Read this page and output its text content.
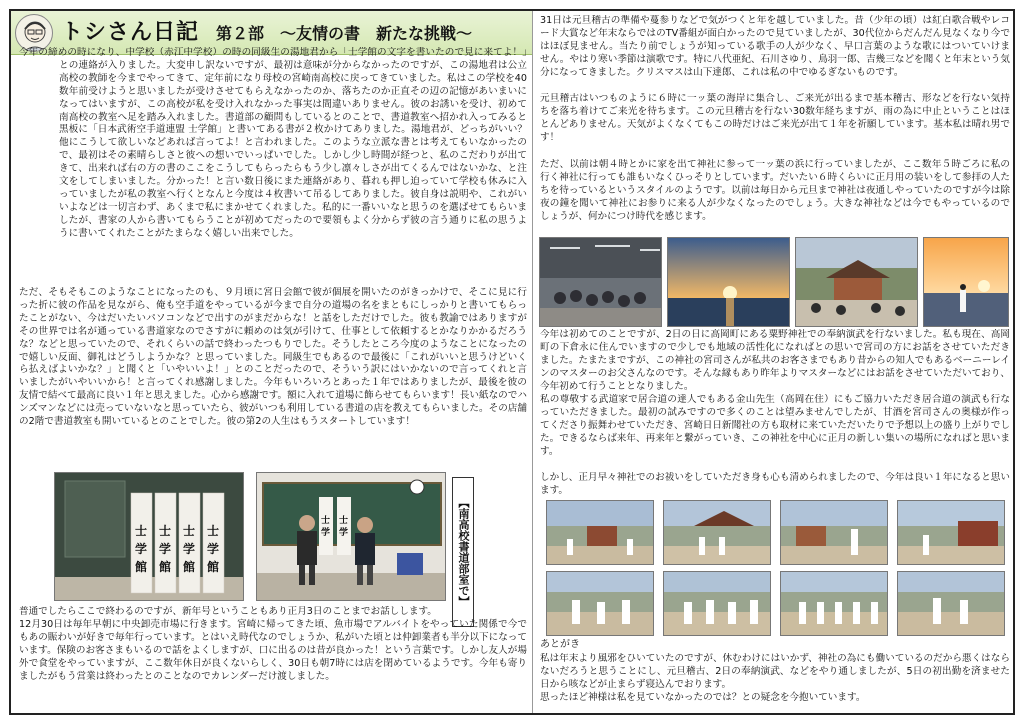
トシさん日記 第２部　～友情の書　新たな挑戦～
今年の締めの時になり、中学校（赤江中学校）の時の同級生の湯地君から「士学館の文字を書いたので見に来てよ！」との連絡が入りました。大変申し訳ないですが、最初は意味が分からなかったのですが、この湯地君は公立高校の教師を今までやってきて、定年前になり母校の宮崎南高校に戻ってきていました。私はこの学校を40数年前受けようと思いましたが受けさせてもらえなかったのか、落ちたのか正直その辺の記憶があいまいになってはいますが、この高校が私を受け入れなかった事実は間違いありません。彼のお誘いを受け、初めて南高校の教室へ足を踏み入れました。書道部の顧問もしているとのことで、書道教室へ招かれ入ってみると黒板に「日本武術空手道連盟 士学館」と書いてある書が２枚かけてありました。湯地君が、どっちがいい？他にこうして欲しいなどあれば言ってよ！と言われました。このような立派な書とは考えてもいなかったので、最初はその素晴らしさと彼への想いでいっぱいでした。しかし少し時間が経つと、私のこだわりが出てきて、出来れば右の方の書のここをこうしてもらったらもう少し凛々しさが出てくるんではないかな、と注文をしてしまいました。分かった！と言い数日後にまた連絡があり、暮れも押し迫っていて学校も休みに入っていましたが私の教室へ行くとなんと今度は４枚書いて吊るしてありました。彼自身は説明や、これがいいよなどは一切言わず、あくまで私にまかせてくれました。私的に一番いいなと思うのを選ばせてもらいましたが、書家の人から書いてもらうことが初めてだったので要領もよく分からず彼の言う通りに私の思うように書いてくれたことがたまらなく嬉しい出来でした。
ただ、そもそもこのようなことになったのも、９月頃に宮日会館で彼が個展を開いたのがきっかけで、そこに見に行った折に彼の作品を見ながら、俺も空手道をやっているが今まで自分の道場の名をまともにしっかりと書いてもらったことがない、今はだいたいパソコンなどで出すのがまだからな！と話をしただけでした。彼も教諭ではありますがその世界では名が通っている書道家なのでさすがに頼めのは気が引けて、仕事として依頼するとかなりかかるだろうな？などと思っていたので、それくらいの話で終わったつもりでした。そうしたところ今度のようなことになったので嬉しい反面、御礼はどうしようかな？と思っていました。同級生でもあるので最後に「これがいいと思うけどいくら払えばよいかな？」と聞くと「いやいいよ！」とのことだったので、そういう訳にはいかないので言ってくれと言いましたがいやいいから！と言ってくれ感謝しました。今年もいろいろとあった１年ではありましたが、最後を彼の友情で結べて最高に良い１年と思えました。心から感謝です。額に入れて道場に飾らせてもらいます！長い紙なのでハンズマンなどには売っていないなと思っていたら、彼がいつも利用している書道の店を教えてもらいました。その店舗の2階で書道教室も開いているとのことでした。彼の第2の人生はもうスタートしています！
士
学
館
士
学
館
士
学
館
士
学
館
士
学
士
学	【南高校書道部室で】
普通でしたらここで終わるのですが、新年号ということもあり正月3日のことまでお話しします。
12月30日は毎年早朝に中央卸売市場に行きます。宮崎に帰ってきた頃、魚市場でアルバイトをやっていた関係で今でもあの賑わいが好きで毎年行っています。とはいえ時代なのでしょうか、私がいた頃とは仲卸業者も半分以下になっています。保険のお客さまもいるので話をよくしますが、口に出るのは昔が良かった！という言葉です。しかし友人が場外で食堂をやっていますが、ここ数年休日が良くないらしく、30日も朝7時には店を閉めているようです。今年も寄りましたがもう営業は終わったとのことなのでカレンダーだけ渡しました。
31日は元旦稽古の準備や蔓参りなどで気がつくと年を越していました。昔（少年の頃）は紅白歌合戦やレコード大賞など年末ならではのTV番組が面白かったので見ていましたが、30代位からだんだん見なくなり今ではほぼ見ません。当たり前でしょうが知っている歌手の人が少なく、早口言葉のような歌にはついていけません。やはり寒い季節は演歌です。特に八代亜紀、石川さゆり、鳥羽一郎、吉幾三などを聞くと年末という気分になってきました。クリスマスは山下達郎、これは私の中でゆるぎないものです。
元旦稽古はいつものように６時に一ッ葉の海岸に集合し、ご来光が出るまで基本稽古、形などを行ない気持ちを落ち着けてご来光を待ちます。この元旦稽古を行ない30数年経ちますが、雨の為に中止ということはほとんどありません。天気がよくなくてもこの時だけはご来光が出て１年を祈願しています。基本私は晴れ男です！
ただ、以前は朝４時とかに家を出て神社に参って一ッ葉の浜に行っていましたが、ここ数年５時ごろに私の行く神社に行っても誰もいなくひっそりとしています。だいたい６時くらいに正月用の装いをして参拝の人たちを待っているというスタイルのようです。以前は毎日から元旦まで神社は夜通しやっていたのですが今は除夜の鐘を聞いて神社にお参りに来る人が少なくなったのでしょう。大きな神社などは今でもやっているのでしょうが、何かにつけ時代を感じます。
今年は初めてのことですが、2日の日に高岡町にある粟野神社での奉納演武を行ないました。私も現在、高岡町の下倉永に住んでいますので少しでも地域の活性化になればとの思いで宮司の方にお話をさせていただきました。たまたまですが、この神社の宮司さんが私共のお客さまでもあり昔からの知人でもあるベーニーレインのマスターのお父さんなのです。そんな縁もあり昨年よりマスターなどにはお話をさせていただいており、今年初めて行うこととなりました。
私の尊敬する武道家で居合道の達人でもある金山先生（高岡在住）にもご協力いただき居合道の演武も行なっていただきました。最初の試みですので多くのことは望みませんでしたが、甘酒を宮司さんの奥様が作ってくださり振舞わせていただき、宮崎日日新聞社の方も取材に来ていただいたりで予想以上の盛り上がりでした。できるならば来年、再来年と繋がっていき、この神社を中心に正月の新しい集いの場所になればと思います。
しかし、正月早々神社でのお祓いをしていただき身も心も清められましたので、今年は良い１年になると思います。
あとがき
私は年末より風邪をひいていたのですが、休むわけにはいかず、神社の為にも働いているのだから悪くはならないだろうと思うことにし、元旦稽古、2日の奉納演武、などをやり通しましたが、5日の初出勤を済ませた日から咳などが止まらず寝込んでおります。
思ったほど神様は私を見ていなかったのでは？との疑念を今抱いています。
